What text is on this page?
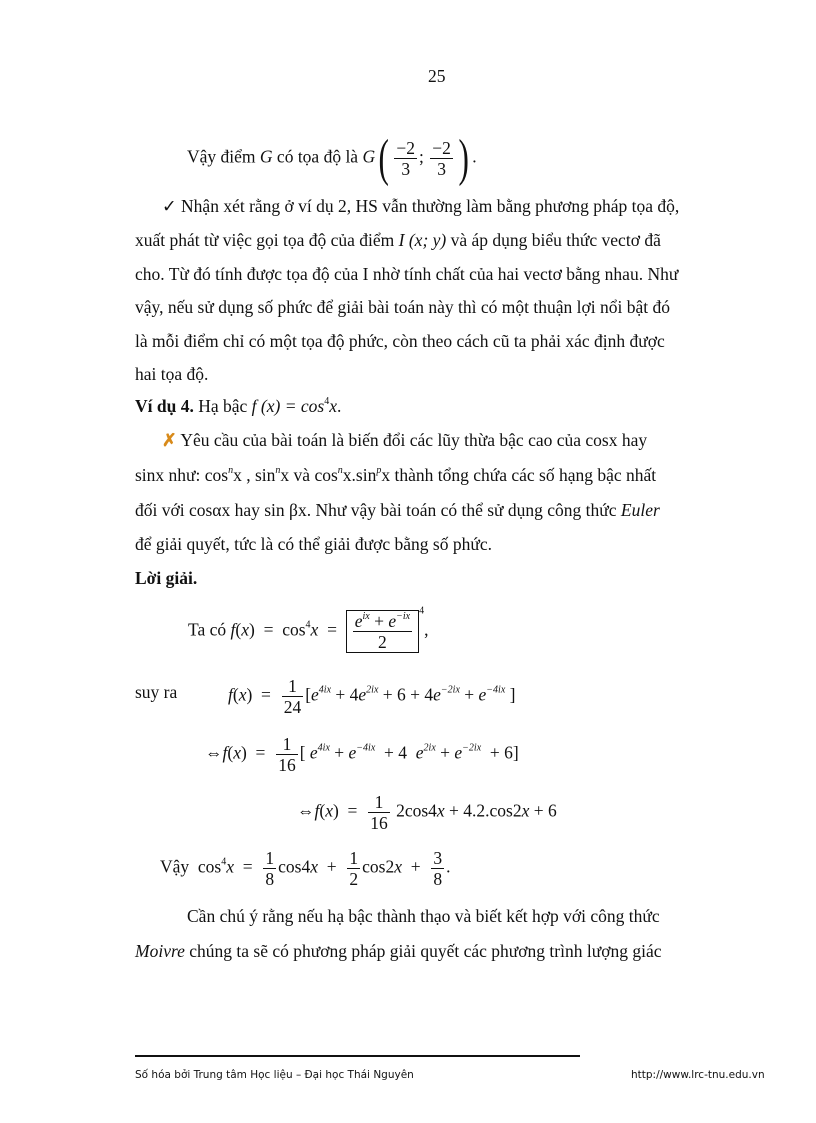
25
Vậy điểm G có tọa độ là $G( \frac{-2}{3}$ ; $\frac{-2}{3}$ ) .
✓ Nhận xét rằng ở ví dụ 2, HS vẫn thường làm bằng phương pháp tọa độ,
xuất phát từ việc gọi tọa độ của điểm I (x; y) và áp dụng biểu thức vectơ đã
cho. Từ đó tính được tọa độ của I nhờ tính chất của hai vectơ bằng nhau. Như
vậy, nếu sử dụng số phức để giải bài toán này thì có một thuận lợi nổi bật đó
là mỗi điểm chỉ có một tọa độ phức, còn theo cách cũ ta phải xác định được
hai tọa độ.
Ví dụ 4. Hạ bậc f $(x) = \cos^4x$.
✗ Yêu cầu của bài toán là biến đổi các lũy thừa bậc cao của cosx hay
sinx như: $\cos^nx$ , $\sin^nx$ và $\cos^nx.\sin^px$ thành tổng chứa các số hạng bậc nhất
đối với cosαx hay sin βx. Như vậy bài toán có thể sử dụng công thức Euler
để giải quyết, tức là có thể giải được bằng số phức.
Lời giải.
Ta có $f(x) = \cos^4x = \frac{e^{ix} + e^{-ix}}{2} ^4$,
suy ra	$f(x) = \frac{1}{24} [e^{4ix} + 4e^{2ix} + 6 + 4e^{-2ix} + e^{-4ix}$ ]
⇔f(x)  = $\frac{1}{16}$ [ $e^{4ix} + e^{-4ix} + 4$  $e^{2ix} + e^{-2ix} + 6$]
⇔f(x)  = $\frac{1}{16} 2\cos 4x + 4.2.\cos 2x + 6$
Vậy  $\cos^4x = \frac{1}{8} \cos 4x + \frac{1}{2} \cos 2x + \frac{3}{8}$ .
Cần chú ý rằng nếu hạ bậc thành thạo và biết kết hợp với công thức
Moivre chúng ta sẽ có phương pháp giải quyết các phương trình lượng giác
Số hóa bởi Trung tâm Học liệu – Đại học Thái Nguyên	http://www.lrc-tnu.edu.vn
